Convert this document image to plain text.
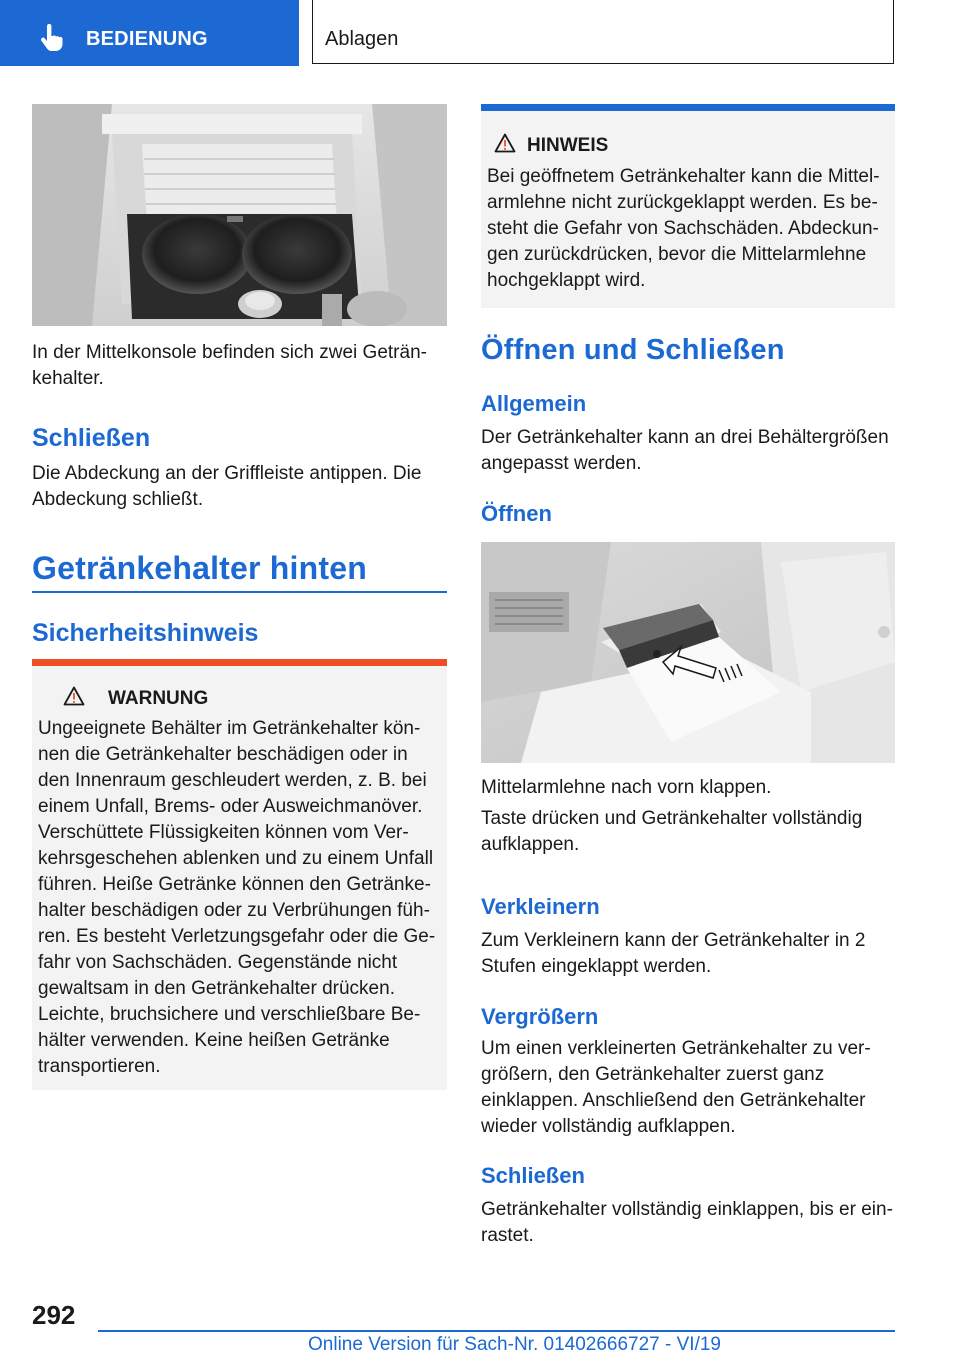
BEDIENUNG	Ablagen

In der Mittelkonsole befinden sich zwei Getränkehalter.

Schließen

Die Abdeckung an der Griffleiste antippen. Die Abdeckung schließt.

Getränkehalter hinten
Sicherheitshinweis
WARNUNG

Ungeeignete Behälter im Getränkehalter können die Getränkehalter beschädigen oder in den Innenraum geschleudert werden, z. B. bei einem Unfall, Brems- oder Ausweichmanöver. Verschüttete Flüssigkeiten können vom Verkehrsgeschehen ablenken und zu einem Unfall führen. Heiße Getränke können den Getränkehalter beschädigen oder zu Verbrühungen führen. Es besteht Verletzungsgefahr oder die Gefahr von Sachschäden. Gegenstände nicht gewaltsam in den Getränkehalter drücken. Leichte, bruchsichere und verschließbare Behälter verwenden. Keine heißen Getränke transportieren.

HINWEIS

Bei geöffnetem Getränkehalter kann die Mittelarmlehne nicht zurückgeklappt werden. Es besteht die Gefahr von Sachschäden. Abdeckungen zurückdrücken, bevor die Mittelarmlehne hochgeklappt wird.

Öffnen und Schließen
Allgemein

Der Getränkehalter kann an drei Behältergrößen angepasst werden.

Öffnen

Mittelarmlehne nach vorn klappen.

Taste drücken und Getränkehalter vollständig aufklappen.

Verkleinern

Zum Verkleinern kann der Getränkehalter in 2 Stufen eingeklappt werden.

Vergrößern

Um einen verkleinerten Getränkehalter zu vergrößern, den Getränkehalter zuerst ganz einklappen. Anschließend den Getränkehalter wieder vollständig aufklappen.

Schließen

Getränkehalter vollständig einklappen, bis er einrastet.

292
Online Version für Sach-Nr. 01402666727 - VI/19
